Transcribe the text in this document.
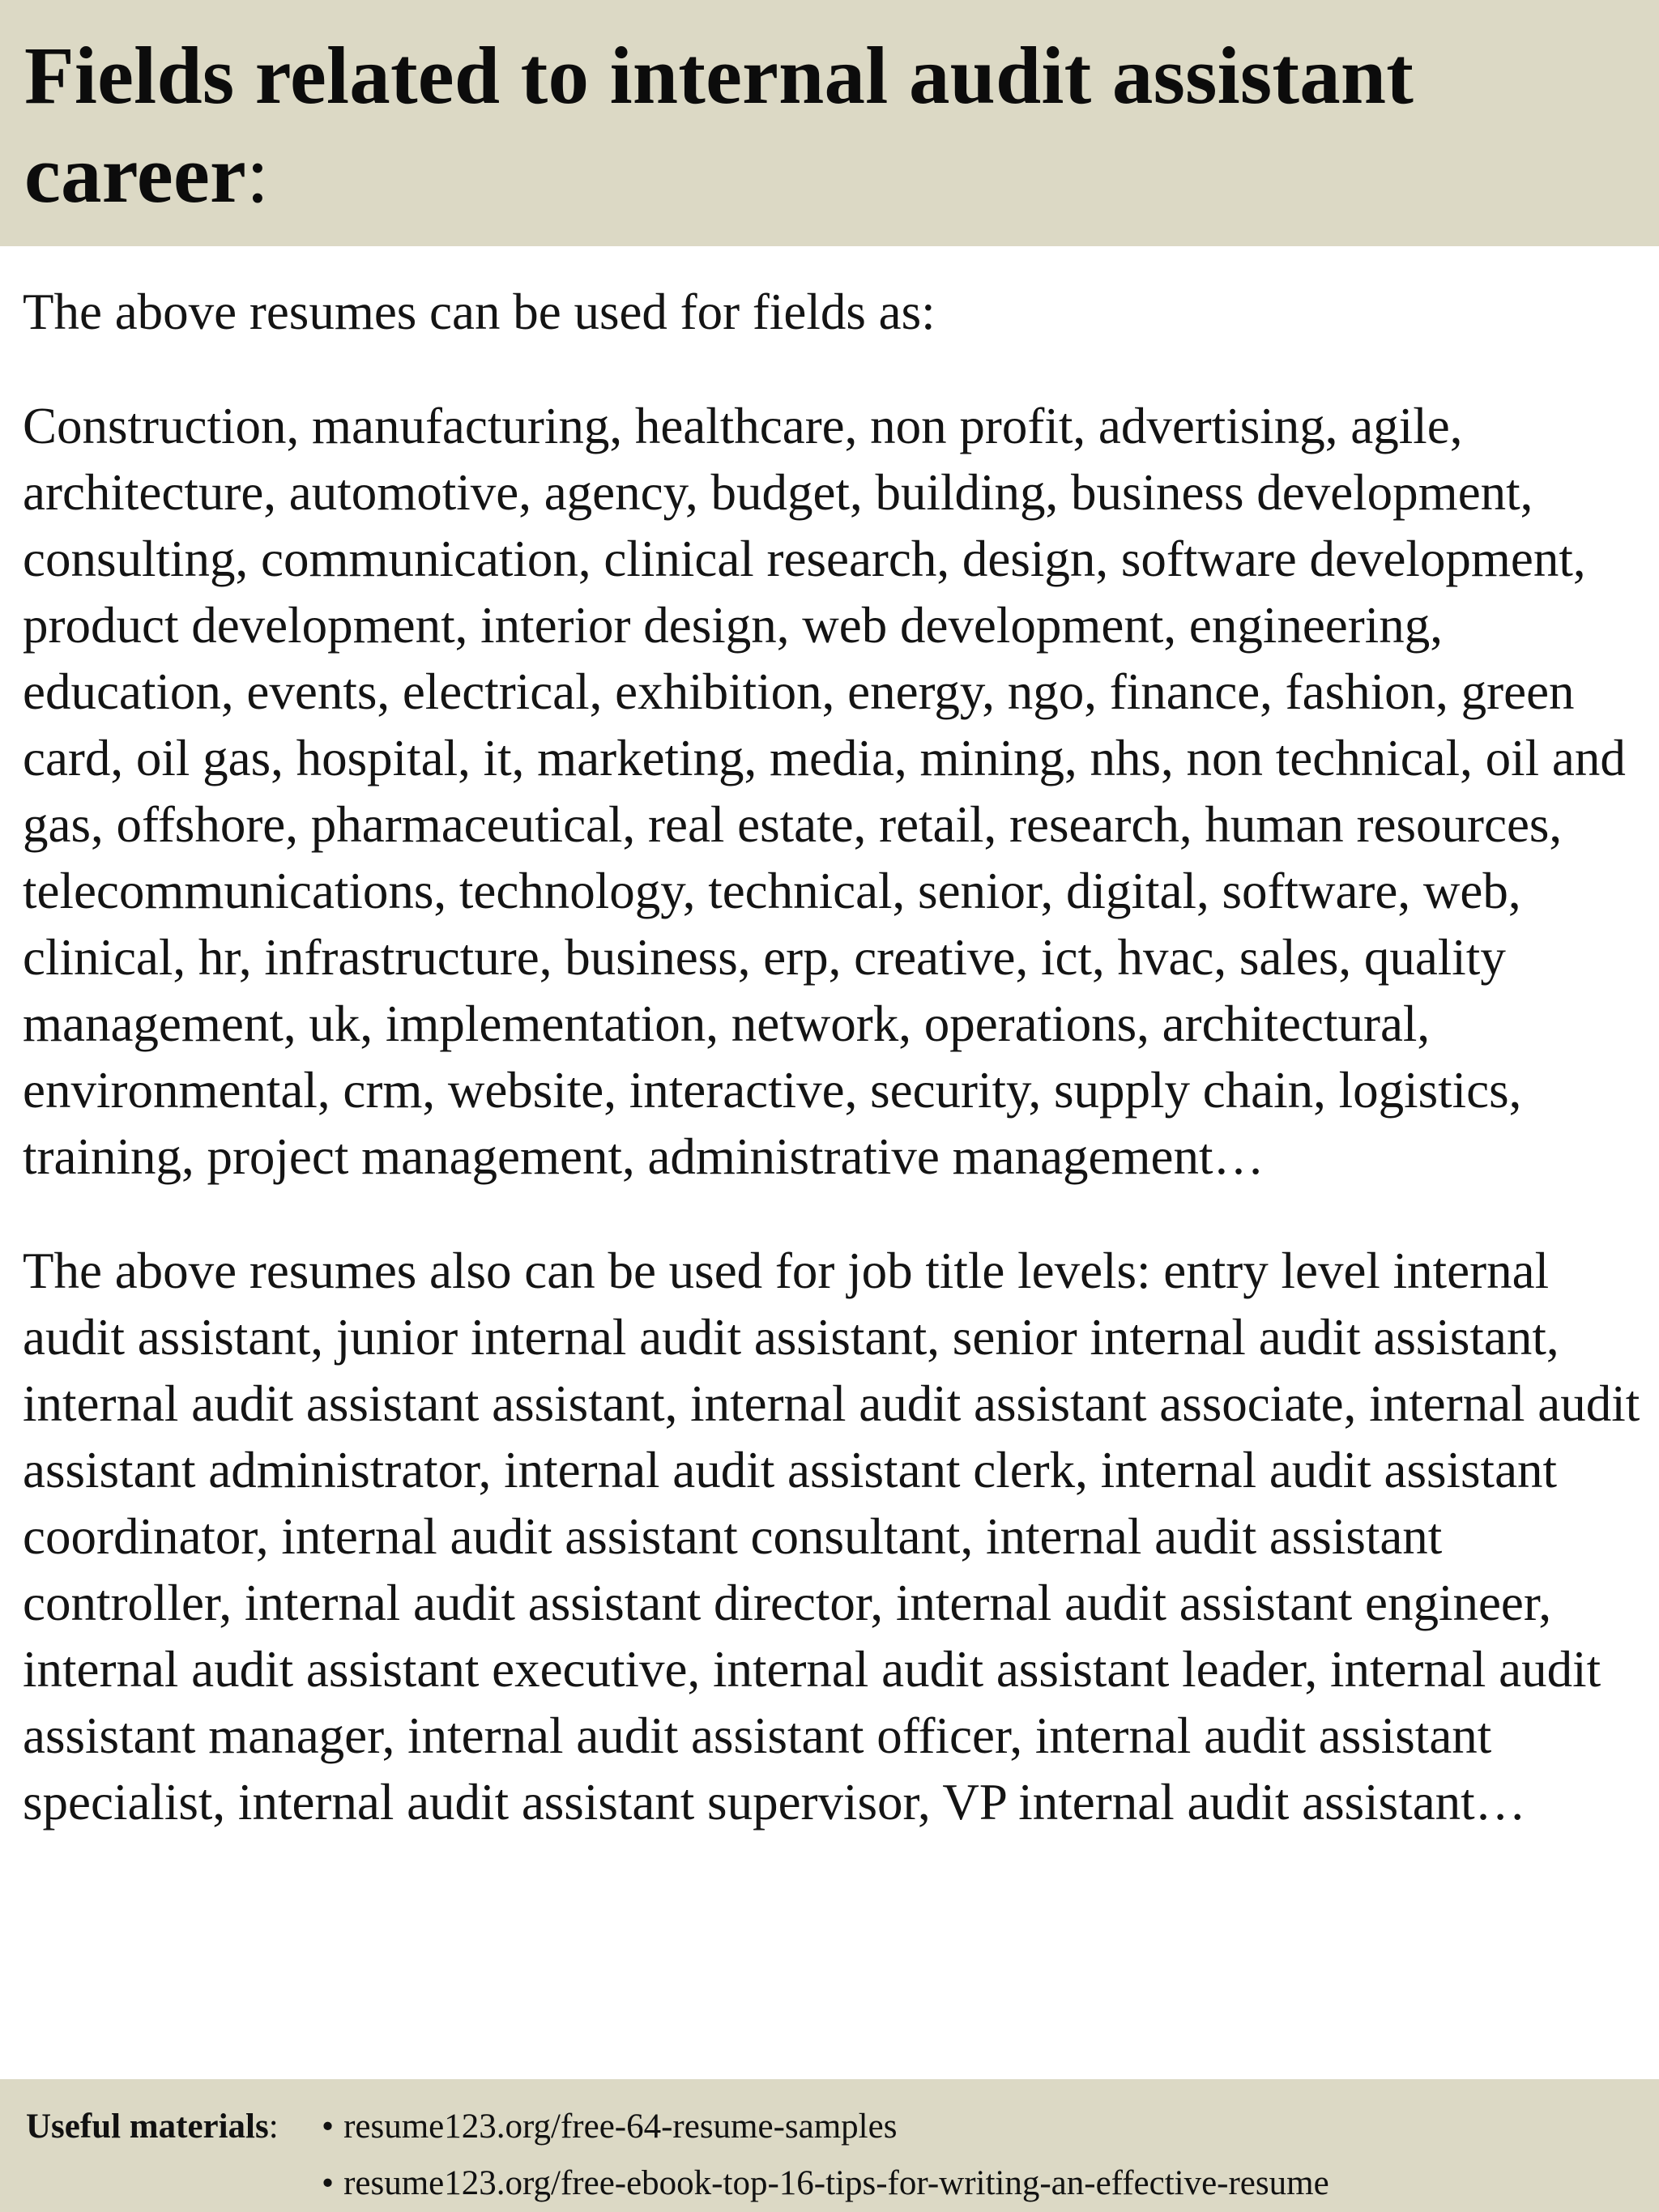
Fields related to internal audit assistant career:

The above resumes can be used for fields as:

Construction, manufacturing, healthcare, non profit, advertising, agile, architecture, automotive, agency, budget, building, business development, consulting, communication, clinical research, design, software development, product development, interior design, web development, engineering, education, events, electrical, exhibition, energy, ngo, finance, fashion, green card, oil gas, hospital, it, marketing, media, mining, nhs, non technical, oil and gas, offshore, pharmaceutical, real estate, retail, research, human resources, telecommunications, technology, technical, senior, digital, software, web, clinical, hr, infrastructure, business, erp, creative, ict, hvac, sales, quality management, uk, implementation, network, operations, architectural, environmental, crm, website, interactive, security, supply chain, logistics, training, project management, administrative management…

The above resumes also can be used for job title levels: entry level internal audit assistant, junior internal audit assistant, senior internal audit assistant, internal audit assistant assistant, internal audit assistant associate, internal audit assistant administrator, internal audit assistant clerk, internal audit assistant coordinator, internal audit assistant consultant, internal audit assistant controller, internal audit assistant director, internal audit assistant engineer, internal audit assistant executive, internal audit assistant leader, internal audit assistant manager, internal audit assistant officer, internal audit assistant specialist, internal audit assistant supervisor, VP internal audit assistant…

Useful materials:	• resume123.org/free-64-resume-samples
• resume123.org/free-ebook-top-16-tips-for-writing-an-effective-resume
